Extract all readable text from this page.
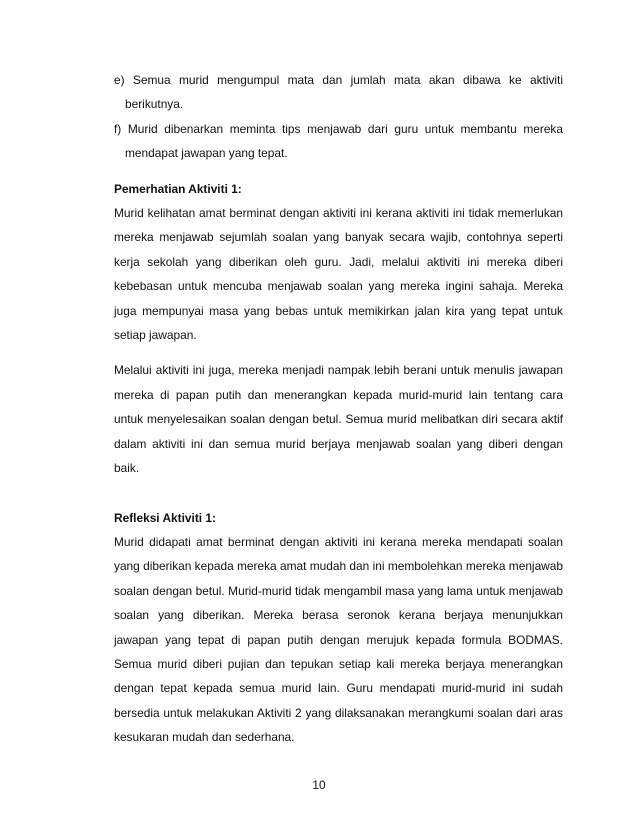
e) Semua murid mengumpul mata dan jumlah mata akan dibawa ke aktiviti berikutnya.

f) Murid dibenarkan meminta tips menjawab dari guru untuk membantu mereka mendapat jawapan yang tepat.

Pemerhatian Aktiviti 1:

Murid kelihatan amat berminat dengan aktiviti ini kerana aktiviti ini tidak memerlukan mereka menjawab sejumlah soalan yang banyak secara wajib, contohnya seperti kerja sekolah yang diberikan oleh guru. Jadi, melalui aktiviti ini mereka diberi kebebasan untuk mencuba menjawab soalan yang mereka ingini sahaja. Mereka juga mempunyai masa yang bebas untuk memikirkan jalan kira yang tepat untuk setiap jawapan.

Melalui aktiviti ini juga, mereka menjadi nampak lebih berani untuk menulis jawapan mereka di papan putih dan menerangkan kepada murid-murid lain tentang cara untuk menyelesaikan soalan dengan betul. Semua murid melibatkan diri secara aktif dalam aktiviti ini dan semua murid berjaya menjawab soalan yang diberi dengan baik.

Refleksi Aktiviti 1:

Murid didapati amat berminat dengan aktiviti ini kerana mereka mendapati soalan yang diberikan kepada mereka amat mudah dan ini membolehkan mereka menjawab soalan dengan betul. Murid-murid tidak mengambil masa yang lama untuk menjawab soalan yang diberikan. Mereka berasa seronok kerana berjaya menunjukkan jawapan yang tepat di papan putih dengan merujuk kepada formula BODMAS. Semua murid diberi pujian dan tepukan setiap kali mereka berjaya menerangkan dengan tepat kepada semua murid lain. Guru mendapati murid-murid ini sudah bersedia untuk melakukan Aktiviti 2 yang dilaksanakan merangkumi soalan dari aras kesukaran mudah dan sederhana.

10
